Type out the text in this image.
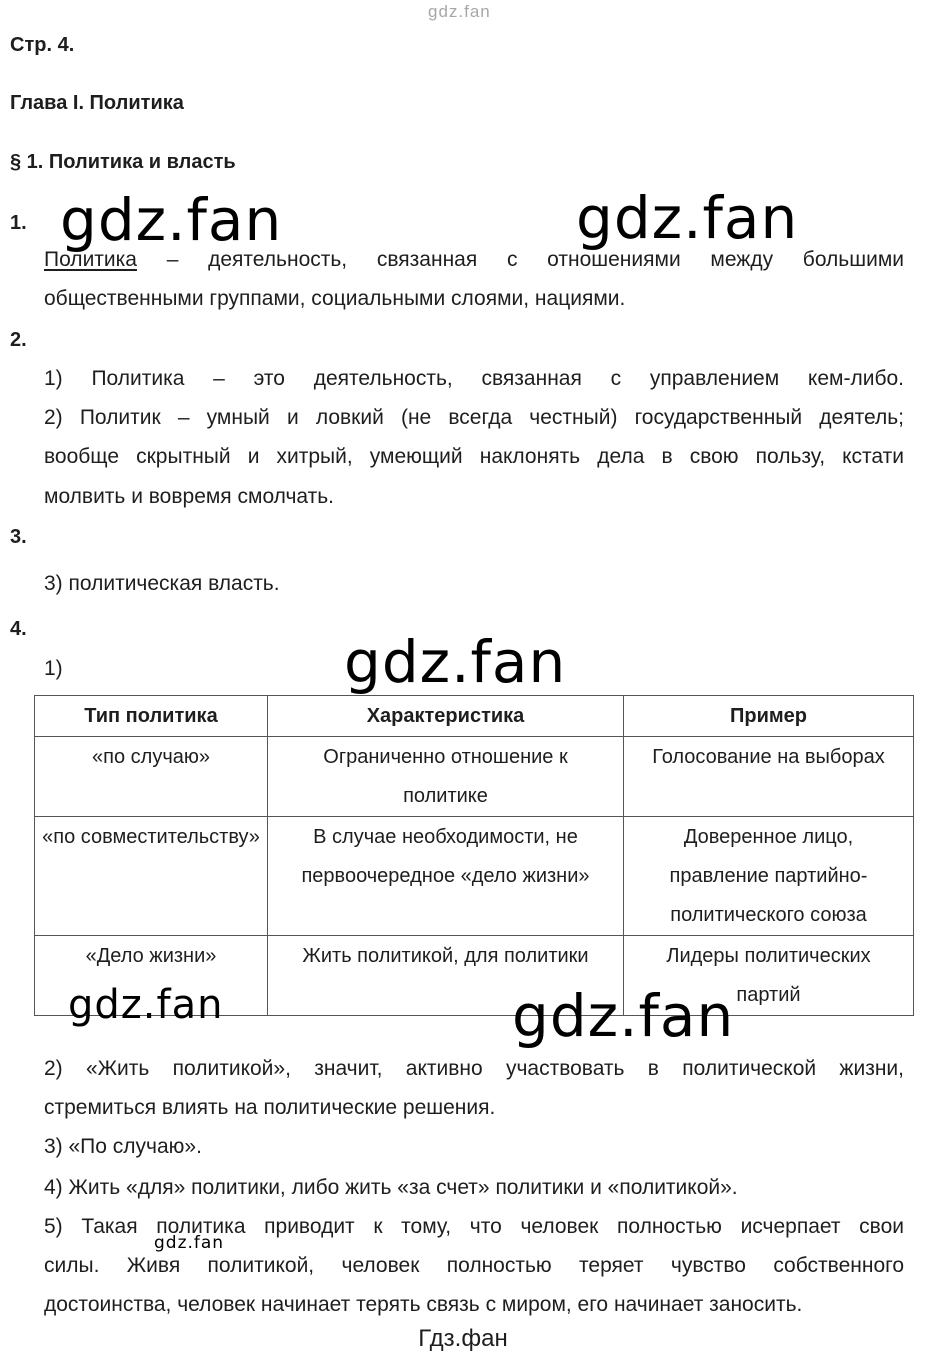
gdz.fan
Стр. 4.
Глава I. Политика
§ 1. Политика и власть
1.
Политика – деятельность, связанная с отношениями между большими
общественными группами, социальными слоями, нациями.
2.
1) Политика – это деятельность, связанная с управлением кем-либо.
2) Политик – умный и ловкий (не всегда честный) государственный деятель;
вообще скрытный и хитрый, умеющий наклонять дела в свою пользу, кстати
молвить и вовремя смолчать.
3.
3) политическая власть.
4.
1)
Тип политика	Характеристика	Пример
«по случаю»	Ограниченно отношение к политике	Голосование на выборах
«по совместительству»	В случае необходимости, не первоочередное «дело жизни»	Доверенное лицо, правление партийно-политического союза
«Дело жизни»	Жить политикой, для политики	Лидеры политических партий
2) «Жить политикой», значит, активно участвовать в политической жизни,
стремиться влиять на политические решения.
3) «По случаю».
4) Жить «для» политики, либо жить «за счет» политики и «политикой».
5) Такая политика приводит к тому, что человек полностью исчерпает свои
силы. Живя политикой, человек полностью теряет чувство собственного
достоинства, человек начинает терять связь с миром, его начинает заносить.
Гдз.фан
gdz.fan	gdz.fan
gdz.fan
gdz.fan	gdz.fan
gdz.fan
